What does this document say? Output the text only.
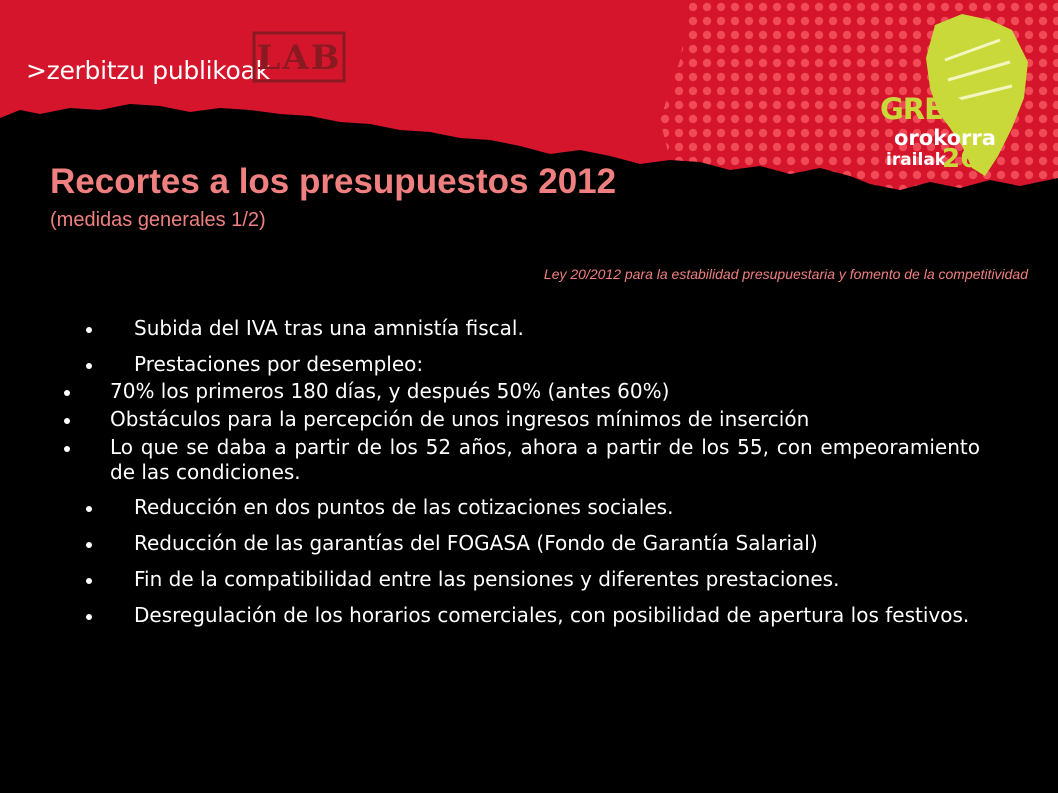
>zerbitzu publikoak
LAB
GREBA
orokorra
irailak
26
Recortes a los presupuestos 2012
(medidas generales 1/2)
Ley 20/2012 para la estabilidad presupuestaria y fomento de la competitividad
Subida del IVA tras una amnistía fiscal.
Prestaciones por desempleo:
70% los primeros 180 días, y después 50% (antes 60%)
Obstáculos para la percepción de unos ingresos mínimos de inserción
Lo que se daba a partir de los 52 años, ahora a partir de los 55, con empeoramiento de las condiciones.
Reducción en dos puntos de las cotizaciones sociales.
Reducción de las garantías del FOGASA (Fondo de Garantía Salarial)
Fin de la compatibilidad entre las pensiones y diferentes prestaciones.
Desregulación de los horarios comerciales, con posibilidad de apertura los festivos.
